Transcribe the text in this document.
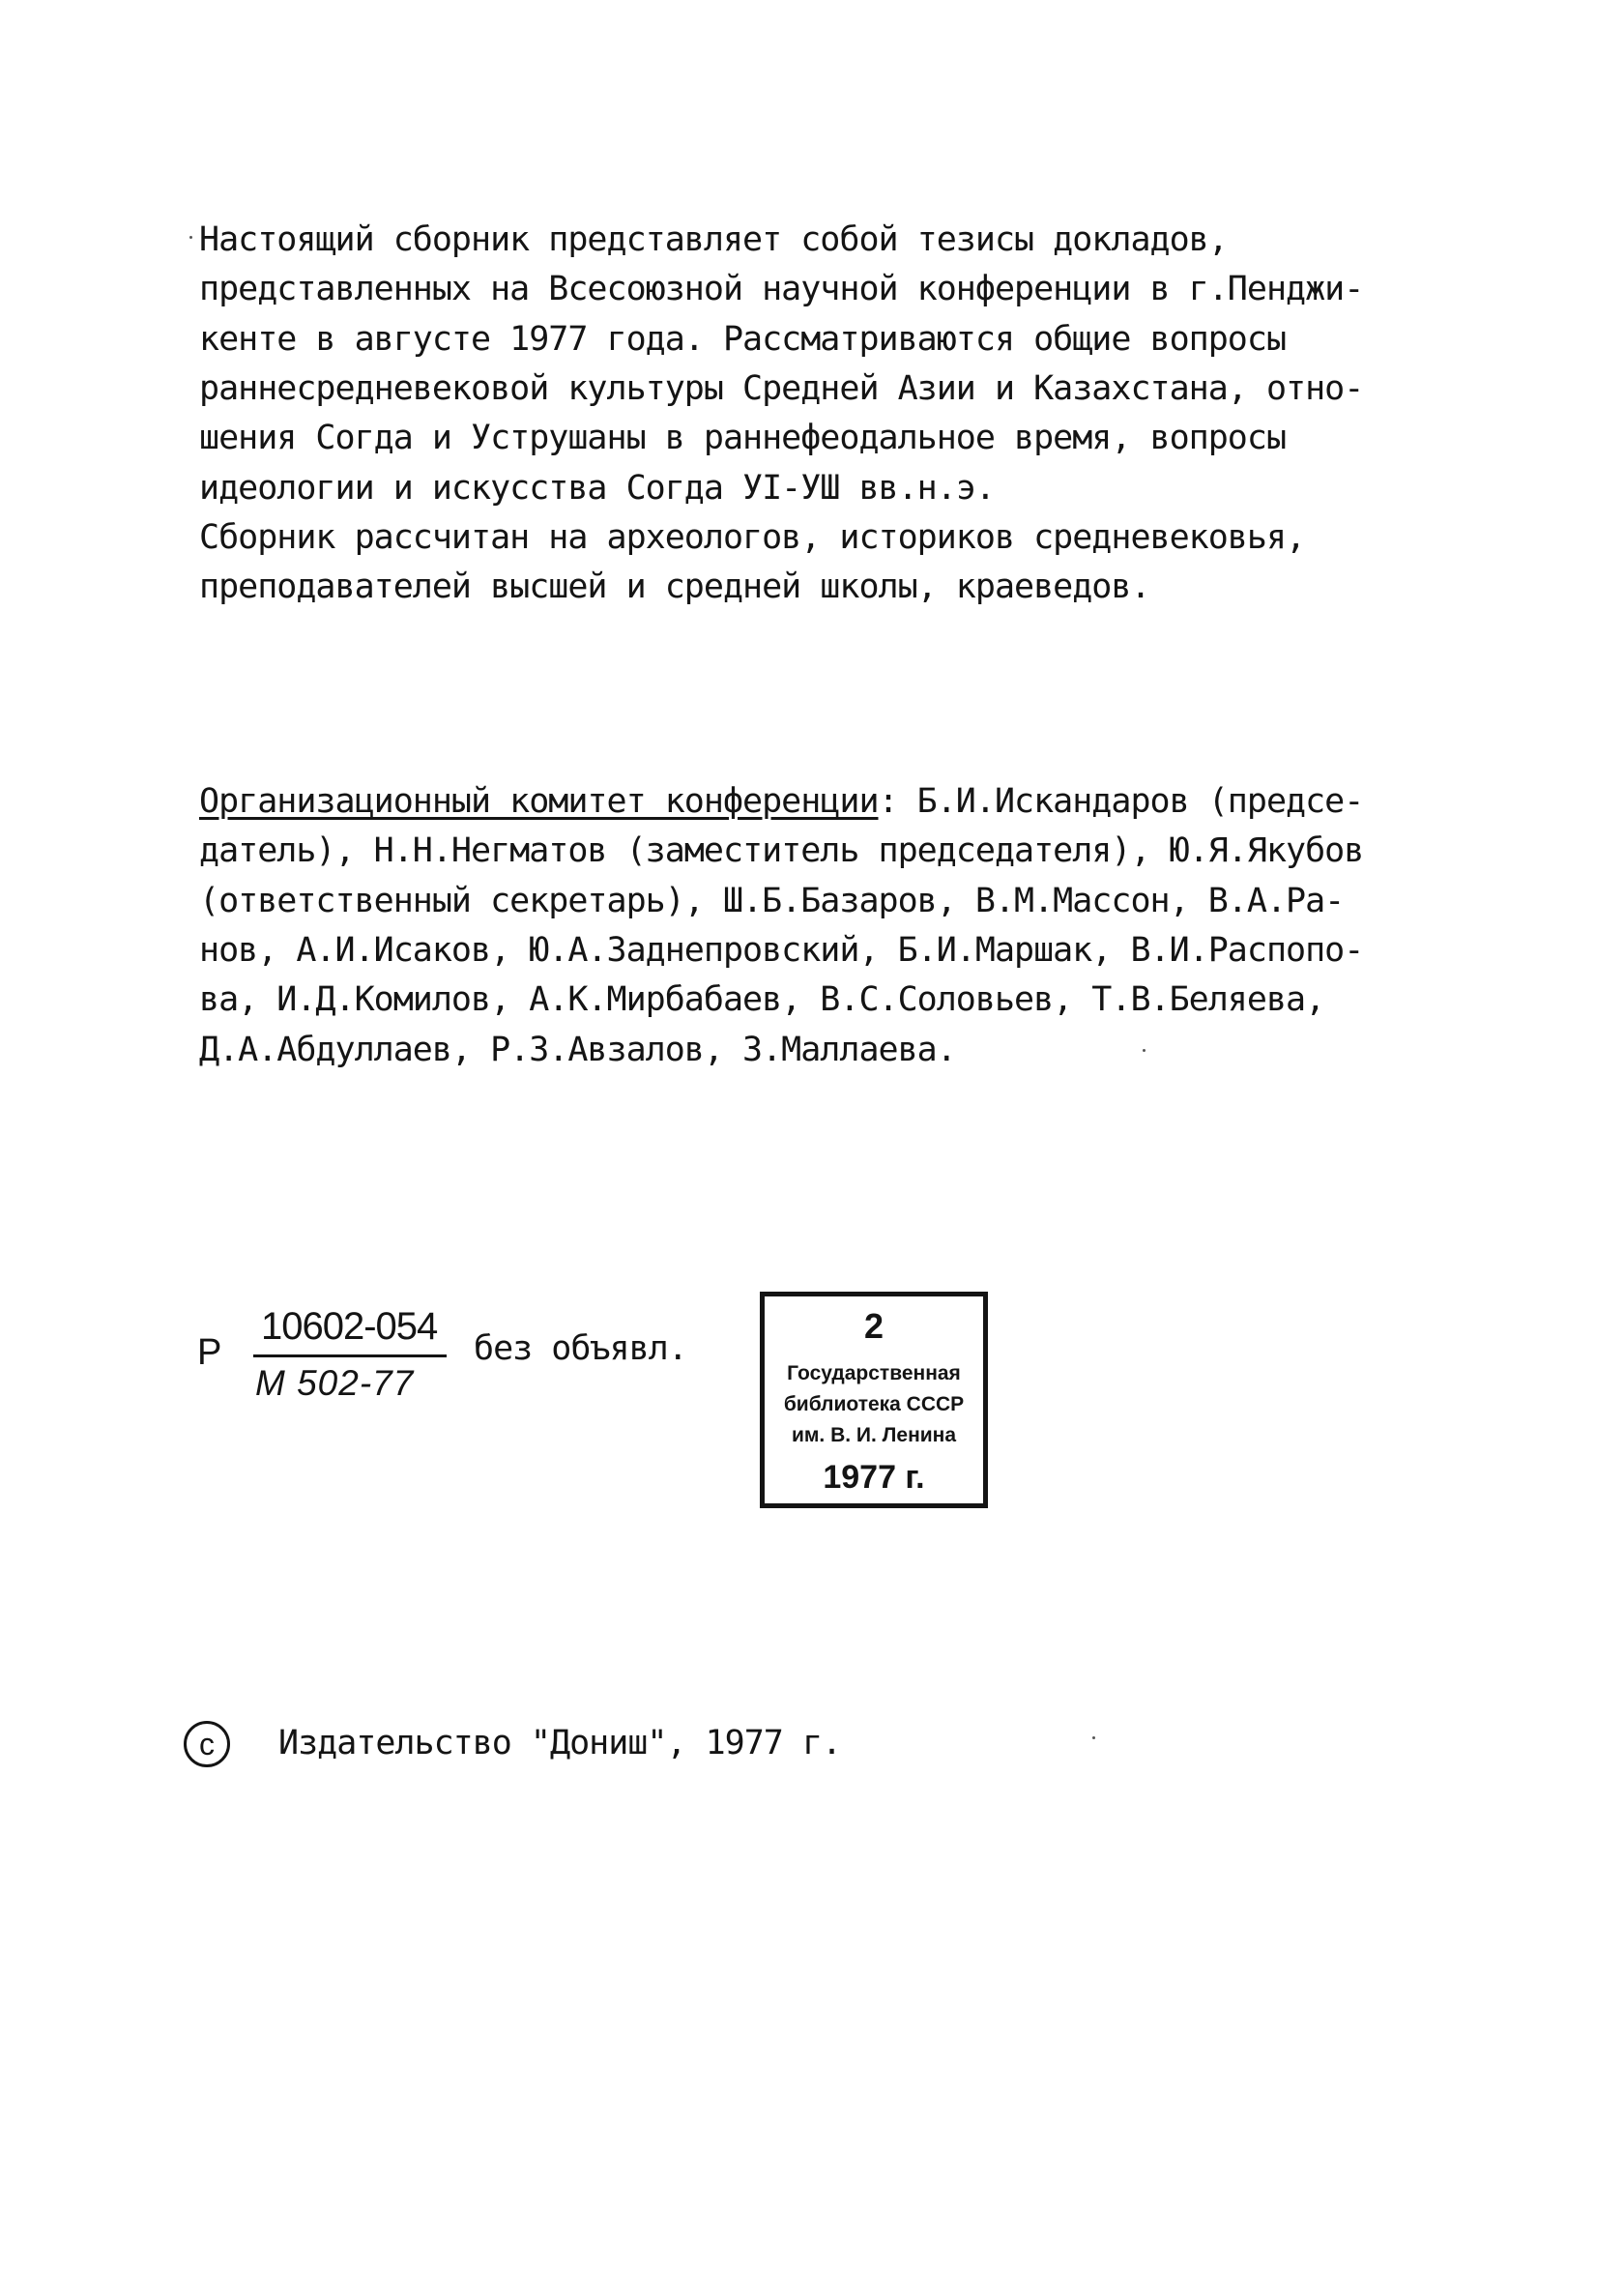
Настоящий сборник представляет собой тезисы докладов,
представленных на Всесоюзной научной конференции в г.Пенджи-
кенте в августе 1977 года. Рассматриваются общие вопросы
раннесредневековой культуры Средней Азии и Казахстана, отно-
шения Согда и Уструшаны в раннефеодальное время, вопросы
идеологии и искусства Согда УI-УШ вв.н.э.
Сборник рассчитан на археологов, историков средневековья,
преподавателей высшей и средней школы, краеведов.
Организационный комитет конференции: Б.И.Искандаров (предсе-
датель), Н.Н.Негматов (заместитель председателя), Ю.Я.Якубов
(ответственный секретарь), Ш.Б.Базаров, В.М.Массон, В.А.Ра-
нов, А.И.Исаков, Ю.А.Заднепровский, Б.И.Маршак, В.И.Распопо-
ва, И.Д.Комилов, А.К.Мирбабаев, В.С.Соловьев, Т.В.Беляева,
Д.А.Абдуллаев, Р.З.Авзалов, З.Маллаева.
Р
10602-054
М 502-77
без объявл.
2
Государственная
библиотека СССР
им. В. И. Ленина
1977 г.
c Издательство "Дониш", 1977 г.
